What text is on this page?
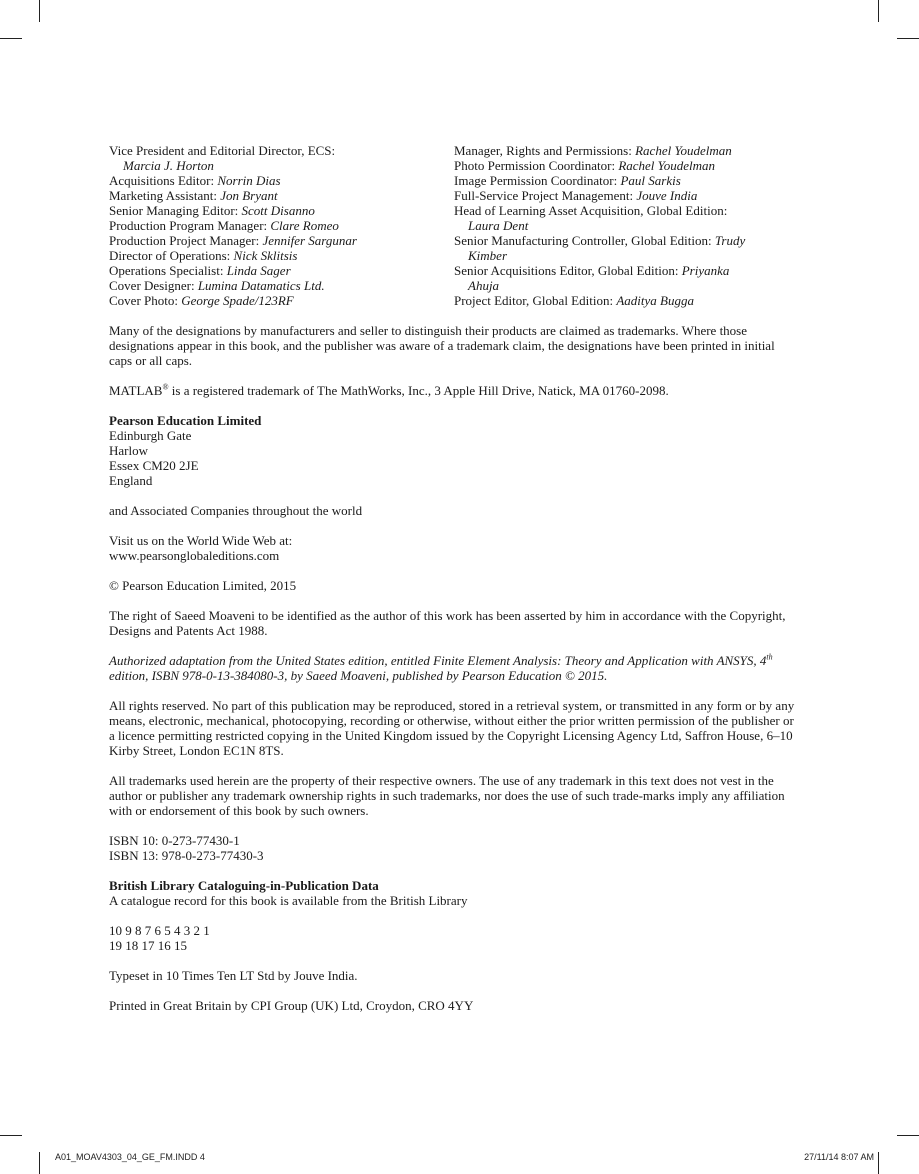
Vice President and Editorial Director, ECS:
Marcia J. Horton
Acquisitions Editor: Norrin Dias
Marketing Assistant: Jon Bryant
Senior Managing Editor: Scott Disanno
Production Program Manager: Clare Romeo
Production Project Manager: Jennifer Sargunar
Director of Operations: Nick Sklitsis
Operations Specialist: Linda Sager
Cover Designer: Lumina Datamatics Ltd.
Cover Photo: George Spade/123RF
Manager, Rights and Permissions: Rachel Youdelman
Photo Permission Coordinator: Rachel Youdelman
Image Permission Coordinator: Paul Sarkis
Full-Service Project Management: Jouve India
Head of Learning Asset Acquisition, Global Edition:
Laura Dent
Senior Manufacturing Controller, Global Edition: Trudy
Kimber
Senior Acquisitions Editor, Global Edition: Priyanka
Ahuja
Project Editor, Global Edition: Aaditya Bugga

Many of the designations by manufacturers and seller to distinguish their products are claimed as trademarks. Where those designations appear in this book, and the publisher was aware of a trademark claim, the designations have been printed in initial caps or all caps.

MATLAB® is a registered trademark of The MathWorks, Inc., 3 Apple Hill Drive, Natick, MA 01760-2098.

Pearson Education Limited
Edinburgh Gate
Harlow
Essex CM20 2JE
England

and Associated Companies throughout the world

Visit us on the World Wide Web at:
www.pearsonglobaleditions.com

© Pearson Education Limited, 2015

The right of Saeed Moaveni to be identified as the author of this work has been asserted by him in accordance with the Copyright, Designs and Patents Act 1988.

Authorized adaptation from the United States edition, entitled Finite Element Analysis: Theory and Application with ANSYS, 4th edition, ISBN 978-0-13-384080-3, by Saeed Moaveni, published by Pearson Education © 2015.

All rights reserved. No part of this publication may be reproduced, stored in a retrieval system, or transmitted in any form or by any means, electronic, mechanical, photocopying, recording or otherwise, without either the prior written permission of the publisher or a licence permitting restricted copying in the United Kingdom issued by the Copyright Licensing Agency Ltd, Saffron House, 6–10 Kirby Street, London EC1N 8TS.

All trademarks used herein are the property of their respective owners. The use of any trademark in this text does not vest in the author or publisher any trademark ownership rights in such trademarks, nor does the use of such trade-marks imply any affiliation with or endorsement of this book by such owners.

ISBN 10: 0-273-77430-1
ISBN 13: 978-0-273-77430-3
British Library Cataloguing-in-Publication Data
A catalogue record for this book is available from the British Library
10 9 8 7 6 5 4 3 2 1
19 18 17 16 15

Typeset in 10 Times Ten LT Std by Jouve India.

Printed in Great Britain by CPI Group (UK) Ltd, Croydon, CRO 4YY

A01_MOAV4303_04_GE_FM.INDD 4	27/11/14 8:07 AM
